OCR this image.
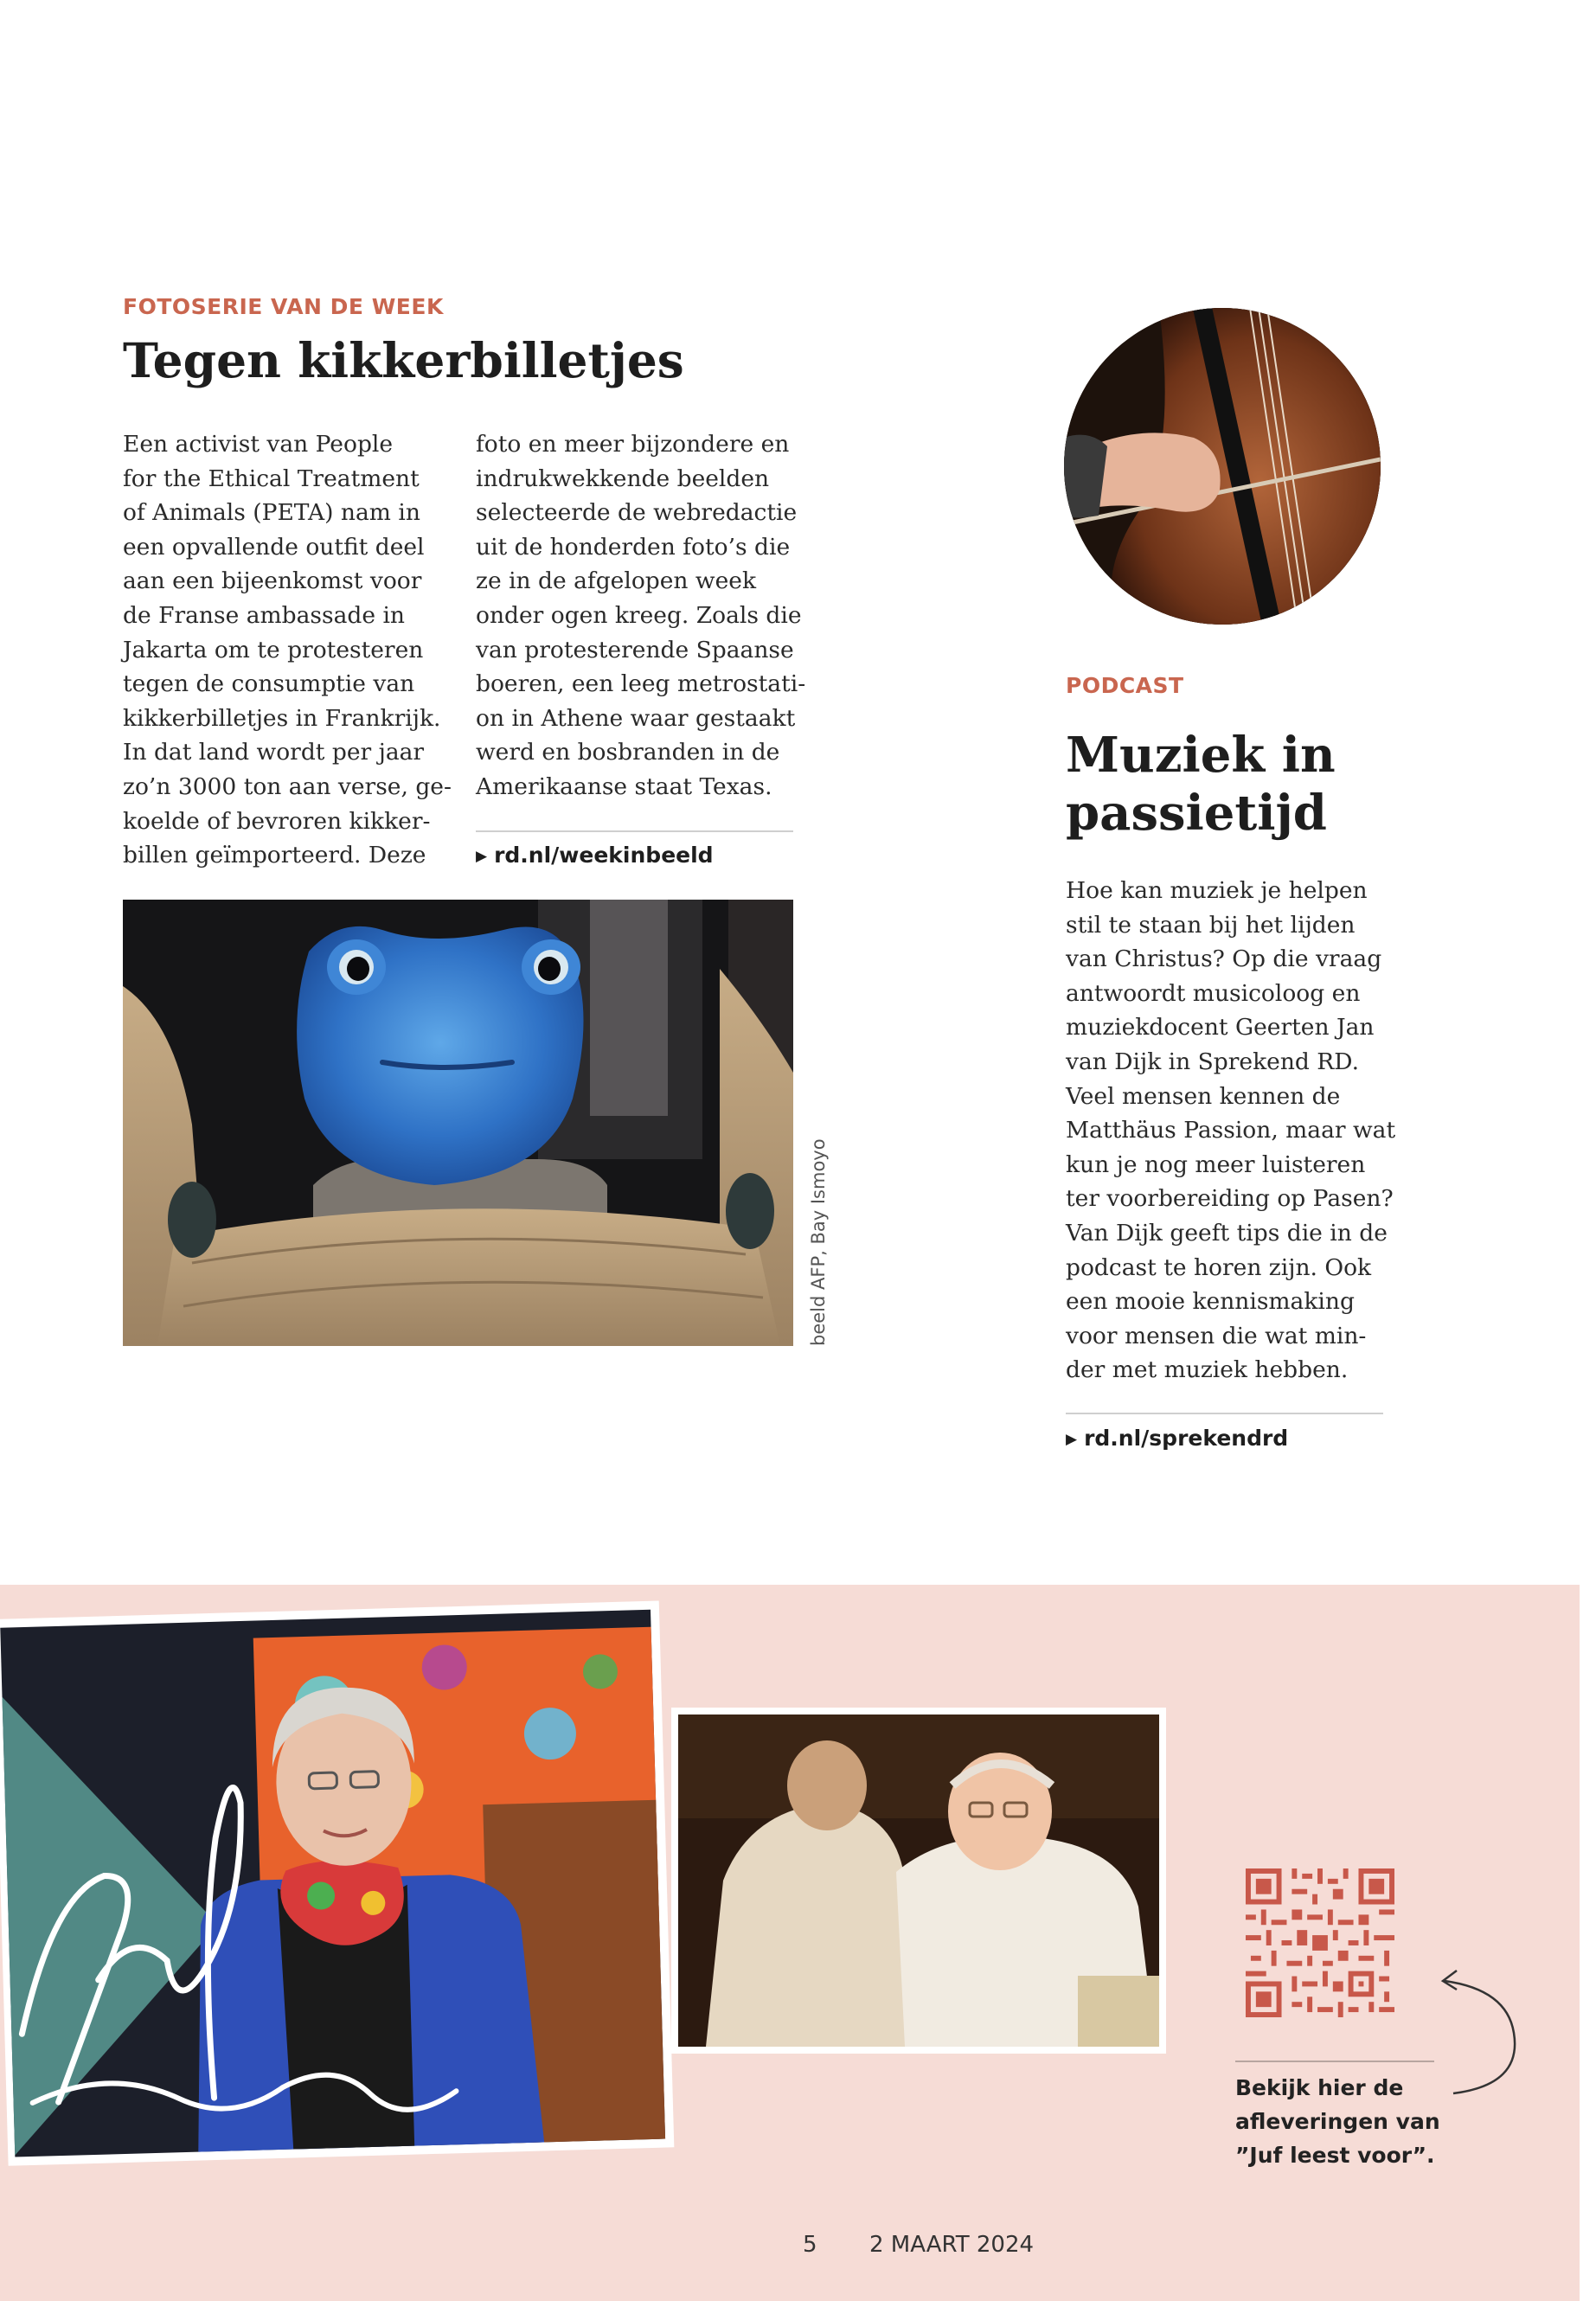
FOTOSERIE VAN DE WEEK
Tegen kikkerbilletjes
Een activist van People
for the Ethical Treatment
of Animals (PETA) nam in
een opvallende outfit deel
aan een bijeenkomst voor
de Franse ambassade in
Jakarta om te protesteren
tegen de consumptie van
kikkerbilletjes in Frankrijk.
In dat land wordt per jaar
zo’n 3000 ton aan verse, ge-
koelde of bevroren kikker-
billen geïmporteerd. Deze
foto en meer bijzondere en
indrukwekkende beelden
selecteerde de webredactie
uit de honderden foto’s die
ze in de afgelopen week
onder ogen kreeg. Zoals die
van protesterende Spaanse
boeren, een leeg metrostati-
on in Athene waar gestaakt
werd en bosbranden in de
Amerikaanse staat Texas.
▶ rd.nl/weekinbeeld
beeld AFP, Bay Ismoyo
PODCAST
Muziek in
passietijd
Hoe kan muziek je helpen
stil te staan bij het lijden
van Christus? Op die vraag
antwoordt musicoloog en
muziekdocent Geerten Jan
van Dijk in Sprekend RD.
Veel mensen kennen de
Matthäus Passion, maar wat
kun je nog meer luisteren
ter voorbereiding op Pasen?
Van Dijk geeft tips die in de
podcast te horen zijn. Ook
een mooie kennismaking
voor mensen die wat min-
der met muziek hebben.
▶ rd.nl/sprekendrd
Bekijk hier de
afleveringen van
”Juf leest voor”.
5 2 MAART 2024
